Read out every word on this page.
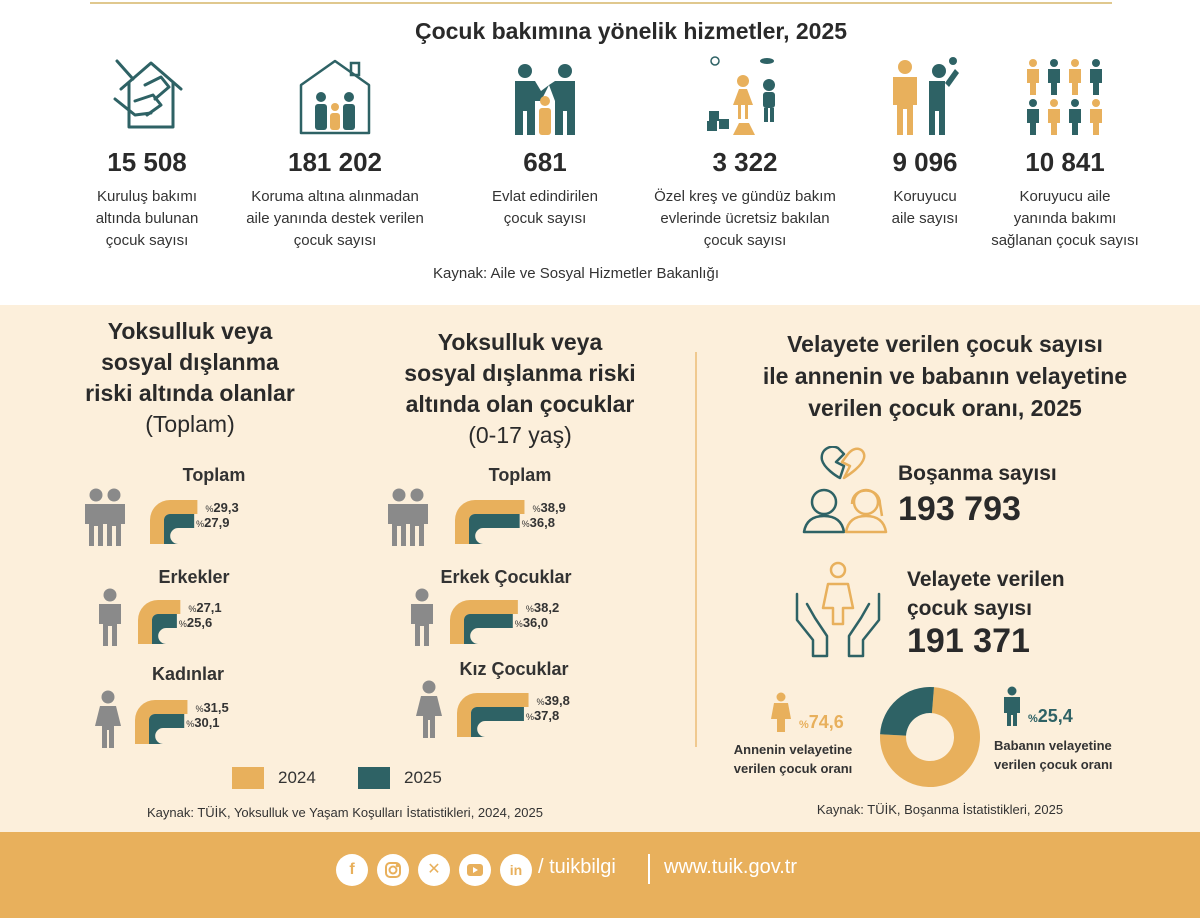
Çocuk bakımına yönelik hizmetler, 2025
15 508
Kuruluş bakımı
altında bulunan
çocuk sayısı
181 202
Koruma altına alınmadan
aile yanında destek verilen
çocuk sayısı
681
Evlat edindirilen
çocuk sayısı
3 322
Özel kreş ve gündüz bakım
evlerinde ücretsiz bakılan
çocuk sayısı
9 096
Koruyucu
aile sayısı
10 841
Koruyucu aile
yanında bakımı
sağlanan çocuk sayısı
Kaynak: Aile ve Sosyal Hizmetler Bakanlığı
Yoksulluk veya
sosyal dışlanma
riski altında olanlar
(Toplam)
Yoksulluk veya
sosyal dışlanma riski
altında olan çocuklar
(0-17 yaş)
Toplam
%29,3
%27,9
Erkekler
%27,1
%25,6
Kadınlar
%31,5
%30,1
Toplam
%38,9
%36,8
Erkek Çocuklar
%38,2
%36,0
Kız Çocuklar
%39,8
%37,8
2024	2025
Kaynak: TÜİK, Yoksulluk ve Yaşam Koşulları İstatistikleri, 2024, 2025
Velayete verilen çocuk sayısı
ile annenin ve babanın velayetine
verilen çocuk oranı, 2025
Boşanma sayısı
193 793
Velayete verilen
çocuk sayısı
191 371
%74,6
Annenin velayetine
verilen çocuk oranı
%25,4
Babanın velayetine
verilen çocuk oranı
Kaynak: TÜİK, Boşanma İstatistikleri, 2025
f	✕	in / tuikbilgi www.tuik.gov.tr
